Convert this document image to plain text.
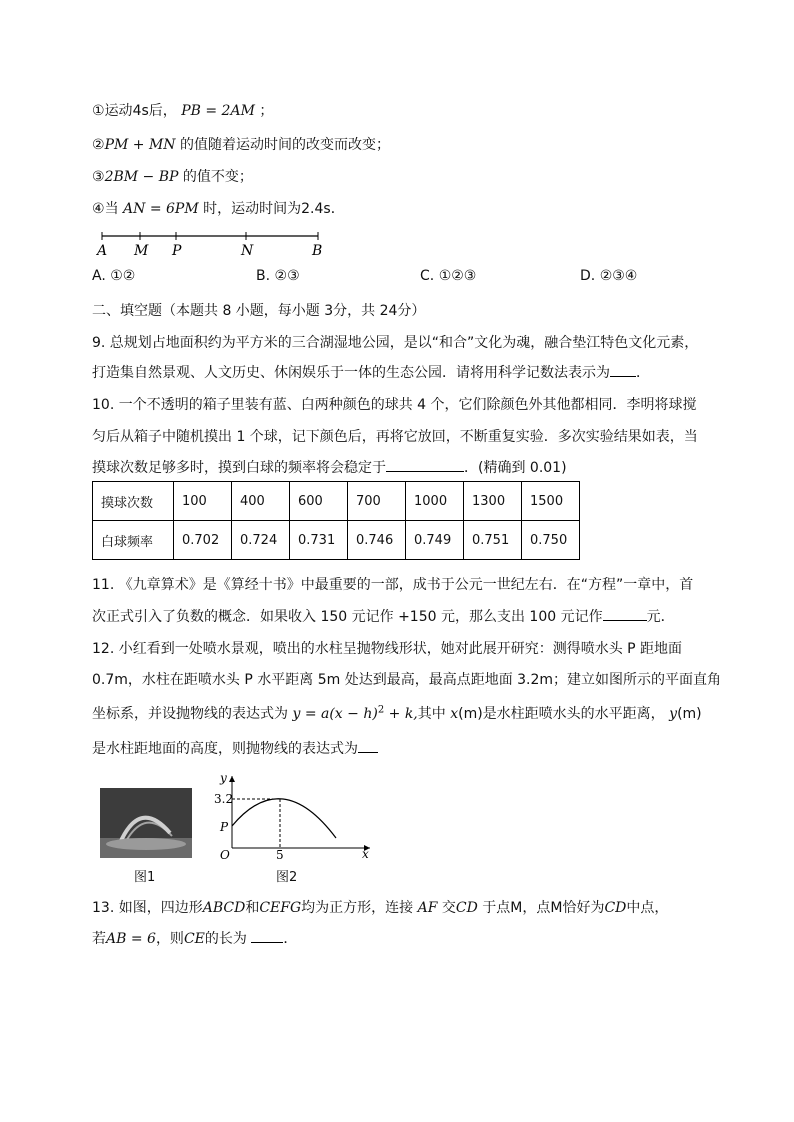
①运动4s后， PB = 2AM ；
②PM + MN 的值随着运动时间的改变而改变；
③2BM − BP 的值不变；
④当 AN = 6PM 时，运动时间为2.4s．
A M P	N	B
A. ①②	B. ②③	C. ①②③	D. ②③④
二、填空题（本题共 8 小题，每小题 3分，共 24分）
9. 总规划占地面积约为平方米的三合湖湿地公园，是以“和合”文化为魂，融合垫江特色文化元素，
打造集自然景观、人文历史、休闲娱乐于一体的生态公园．请将用科学记数法表示为 ．
10. 一个不透明的箱子里装有蓝、白两种颜色的球共 4 个，它们除颜色外其他都相同．李明将球搅
匀后从箱子中随机摸出 1 个球，记下颜色后，再将它放回，不断重复实验．多次实验结果如表，当
摸球次数足够多时，摸到白球的频率将会稳定于	．(精确到 0.01)
摸球次数	100	400	600	700	1000	1300	1500
白球频率	0.702	0.724	0.731	0.746	0.749	0.751	0.750
11. 《九章算术》是《算经十书》中最重要的一部，成书于公元一世纪左右．在“方程”一章中，首
次正式引入了负数的概念．如果收入 150 元记作 +150 元，那么支出 100 元记作	元．
12. 小红看到一处喷水景观，喷出的水柱呈抛物线形状，她对此展开研究：测得喷水头 P 距地面
0.7m，水柱在距喷水头 P 水平距离 5m 处达到最高，最高点距地面 3.2m；建立如图所示的平面直角
坐标系，并设抛物线的表达式为 $y = a(x - h)^2 + k$,其中 x(m)是水柱距喷水头的水平距离， y(m)
是水柱距地面的高度，则抛物线的表达式为
图1
y
x
3.2
P
O	5
图2
13. 如图，四边形ABCD和CEFG均为正方形，连接 AF 交CD 于点M，点M恰好为CD中点，
若AB = 6，则CE的长为	．
